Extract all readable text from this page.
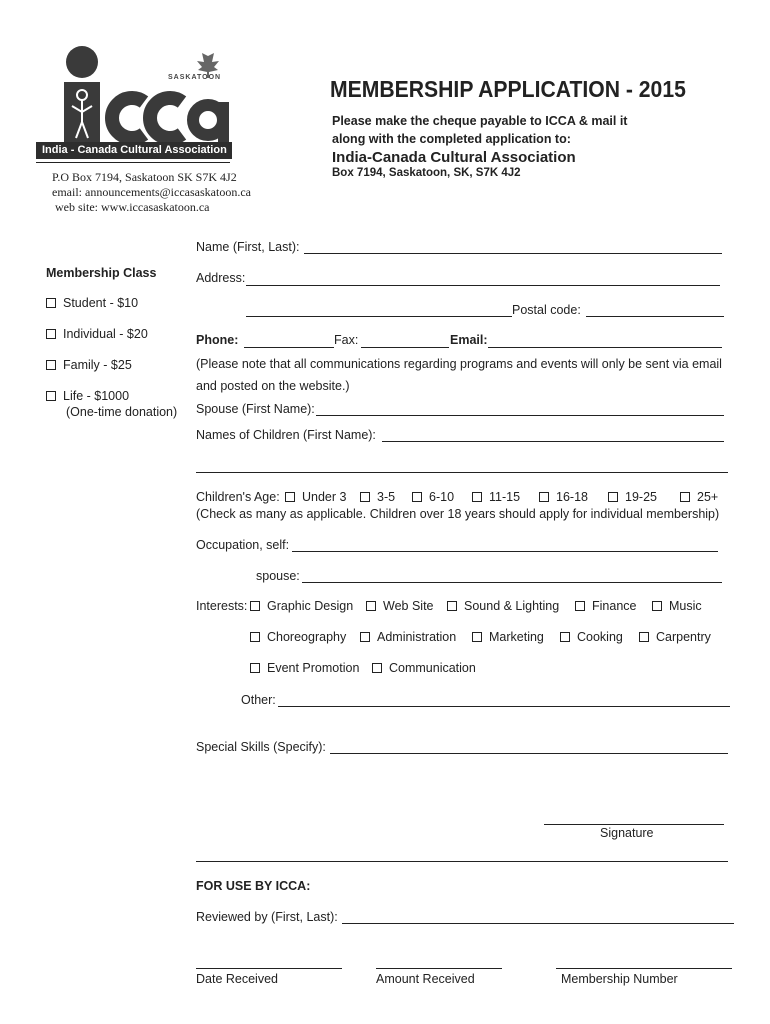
SASKATOON
India - Canada Cultural Association
P.O Box 7194, Saskatoon SK S7K 4J2
email: announcements@iccasaskatoon.ca
web site: www.iccasaskatoon.ca
MEMBERSHIP APPLICATION - 2015
Please make the cheque payable to ICCA & mail it
along with the completed application to:
India-Canada Cultural Association
Box 7194, Saskatoon, SK, S7K 4J2
Membership Class
Student - $10
Individual - $20
Family - $25
Life - $1000
(One-time donation)
Name (First, Last):
Address:
Postal code:
Phone:	Fax:	Email:
(Please note that all communications regarding programs and events will only be sent via email
and posted on the website.)
Spouse (First Name):
Names of Children (First Name):
Children's Age: Under 3 3-5	6-10	11-15	16-18	19-25	25+
(Check as many as applicable. Children over 18 years should apply for individual membership)
Occupation, self:
spouse:
Interests: Graphic Design Web Site Sound & Lighting	Finance	Music
Choreography Administration	Marketing	Cooking	Carpentry
Event Promotion Communication
Other:
Special Skills (Specify):
Signature
FOR USE BY ICCA:
Reviewed by (First, Last):
Date Received	Amount Received	Membership Number
